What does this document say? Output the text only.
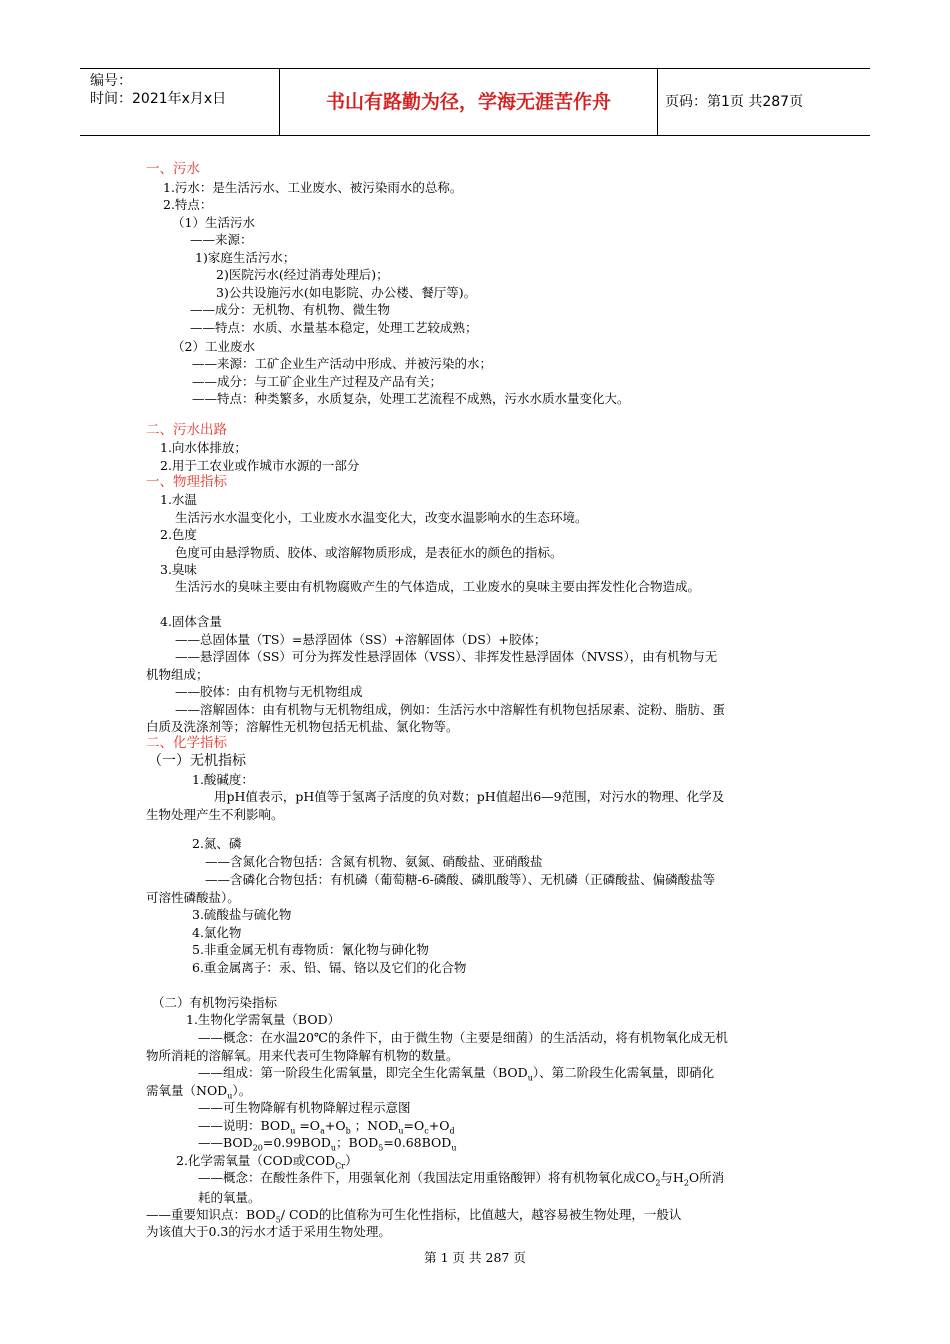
编号：
时间：2021年x月x日	书山有路勤为径，学海无涯苦作舟	页码：第1页 共287页
一、污水
1.污水：是生活污水、工业废水、被污染雨水的总称。
2.特点：
（1）生活污水
——来源：
1)家庭生活污水；
2)医院污水(经过消毒处理后)；
3)公共设施污水(如电影院、办公楼、餐厅等)。
——成分：无机物、有机物、微生物
——特点：水质、水量基本稳定，处理工艺较成熟；
（2）工业废水
——来源：工矿企业生产活动中形成、并被污染的水；
——成分：与工矿企业生产过程及产品有关；
——特点：种类繁多，水质复杂，处理工艺流程不成熟，污水水质水量变化大。
二、污水出路
1.向水体排放；
2.用于工农业或作城市水源的一部分
一、物理指标
1.水温
生活污水水温变化小，工业废水水温变化大，改变水温影响水的生态环境。
2.色度
色度可由悬浮物质、胶体、或溶解物质形成，是表征水的颜色的指标。
3.臭味
生活污水的臭味主要由有机物腐败产生的气体造成，工业废水的臭味主要由挥发性化合物造成。
4.固体含量
——总固体量（TS）=悬浮固体（SS）+溶解固体（DS）+胶体；
——悬浮固体（SS）可分为挥发性悬浮固体（VSS）、非挥发性悬浮固体（NVSS），由有机物与无
机物组成；
——胶体：由有机物与无机物组成
——溶解固体：由有机物与无机物组成，例如：生活污水中溶解性有机物包括尿素、淀粉、脂肪、蛋
白质及洗涤剂等；溶解性无机物包括无机盐、氯化物等。
二、化学指标
（一）无机指标
1.酸碱度：
用pH值表示，pH值等于氢离子活度的负对数；pH值超出6—9范围，对污水的物理、化学及
生物处理产生不利影响。
2.氮、磷
——含氮化合物包括：含氮有机物、氨氮、硝酸盐、亚硝酸盐
——含磷化合物包括：有机磷（葡萄糖-6-磷酸、磷肌酸等）、无机磷（正磷酸盐、偏磷酸盐等
可溶性磷酸盐）。
3.硫酸盐与硫化物
4.氯化物
5.非重金属无机有毒物质：氰化物与砷化物
6.重金属离子：汞、铅、镉、铬以及它们的化合物
（二）有机物污染指标
1.生物化学需氧量（BOD）
——概念：在水温20℃的条件下，由于微生物（主要是细菌）的生活活动，将有机物氧化成无机
物所消耗的溶解氧。用来代表可生物降解有机物的数量。
——组成：第一阶段生化需氧量，即完全生化需氧量$(BOD_u)$、第二阶段生化需氧量，即硝化
需氧量$(NOD_u)$。
——可生物降解有机物降解过程示意图
——说明：$BOD_u =O_a+O_b$ ；$NOD_u=O_c+O_d$
$——BOD_{20}=0.99BOD_u$；$BOD_5=0.68BOD_u$
2.化学需氧量（COD或$COD_{Cr}$）
——概念：在酸性条件下，用强氧化剂（我国法定用重铬酸钾）将有机物氧化成$CO_2$与$H_2O$所消
耗的氧量。
——重要知识点：$BOD_5/$ COD的比值称为可生化性指标，比值越大，越容易被生物处理，一般认
为该值大于0.3的污水才适于采用生物处理。
第 1 页 共 287 页
